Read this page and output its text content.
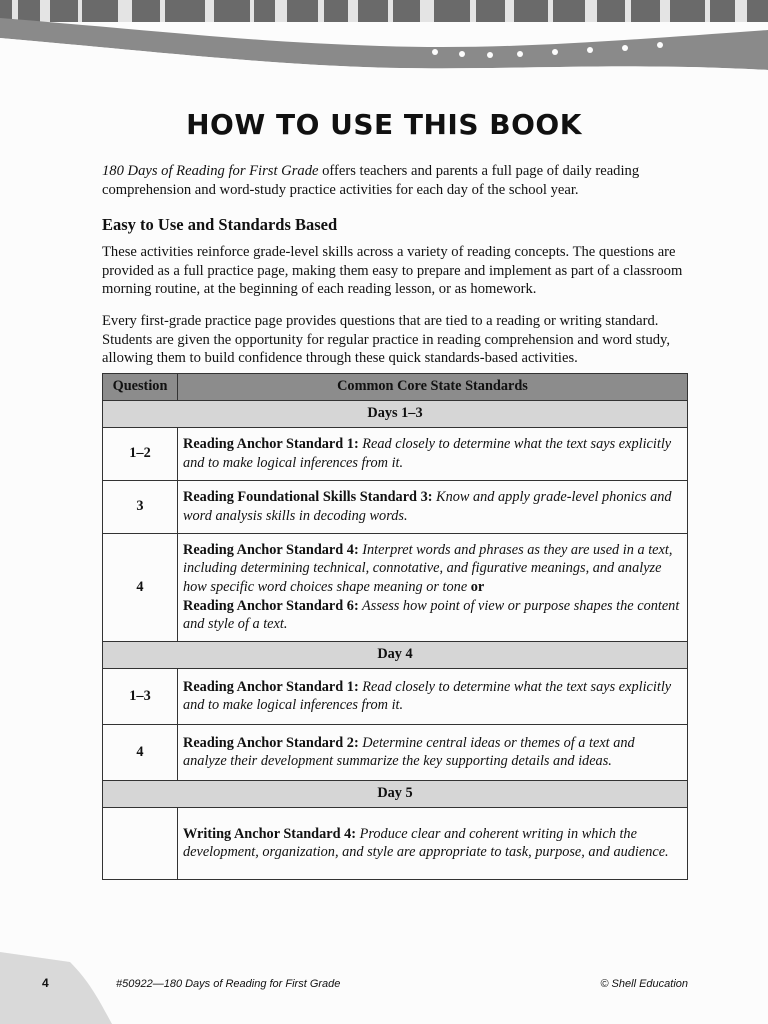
HOW TO USE THIS BOOK

180 Days of Reading for First Grade offers teachers and parents a full page of daily reading comprehension and word-study practice activities for each day of the school year.

Easy to Use and Standards Based

These activities reinforce grade-level skills across a variety of reading concepts. The questions are provided as a full practice page, making them easy to prepare and implement as part of a classroom morning routine, at the beginning of each reading lesson, or as homework.

Every first-grade practice page provides questions that are tied to a reading or writing standard. Students are given the opportunity for regular practice in reading comprehension and word study, allowing them to build confidence through these quick standards-based activities.

Question	Common Core State Standards
Days 1–3	
1–2	Reading Anchor Standard 1: Read closely to determine what the text says explicitly and to make logical inferences from it.
3	Reading Foundational Skills Standard 3: Know and apply grade-level phonics and word analysis skills in decoding words.
4	Reading Anchor Standard 4: Interpret words and phrases as they are used in a text, including determining technical, connotative, and figurative meanings, and analyze how specific word choices shape meaning or tone or
Reading Anchor Standard 6: Assess how point of view or purpose shapes the content and style of a text.
Day 4	
1–3	Reading Anchor Standard 1: Read closely to determine what the text says explicitly and to make logical inferences from it.
4	Reading Anchor Standard 2: Determine central ideas or themes of a text and analyze their development summarize the key supporting details and ideas.
Day 5	
	Writing Anchor Standard 4: Produce clear and coherent writing in which the development, organization, and style are appropriate to task, purpose, and audience.
4	#50922—180 Days of Reading for First Grade	© Shell Education
